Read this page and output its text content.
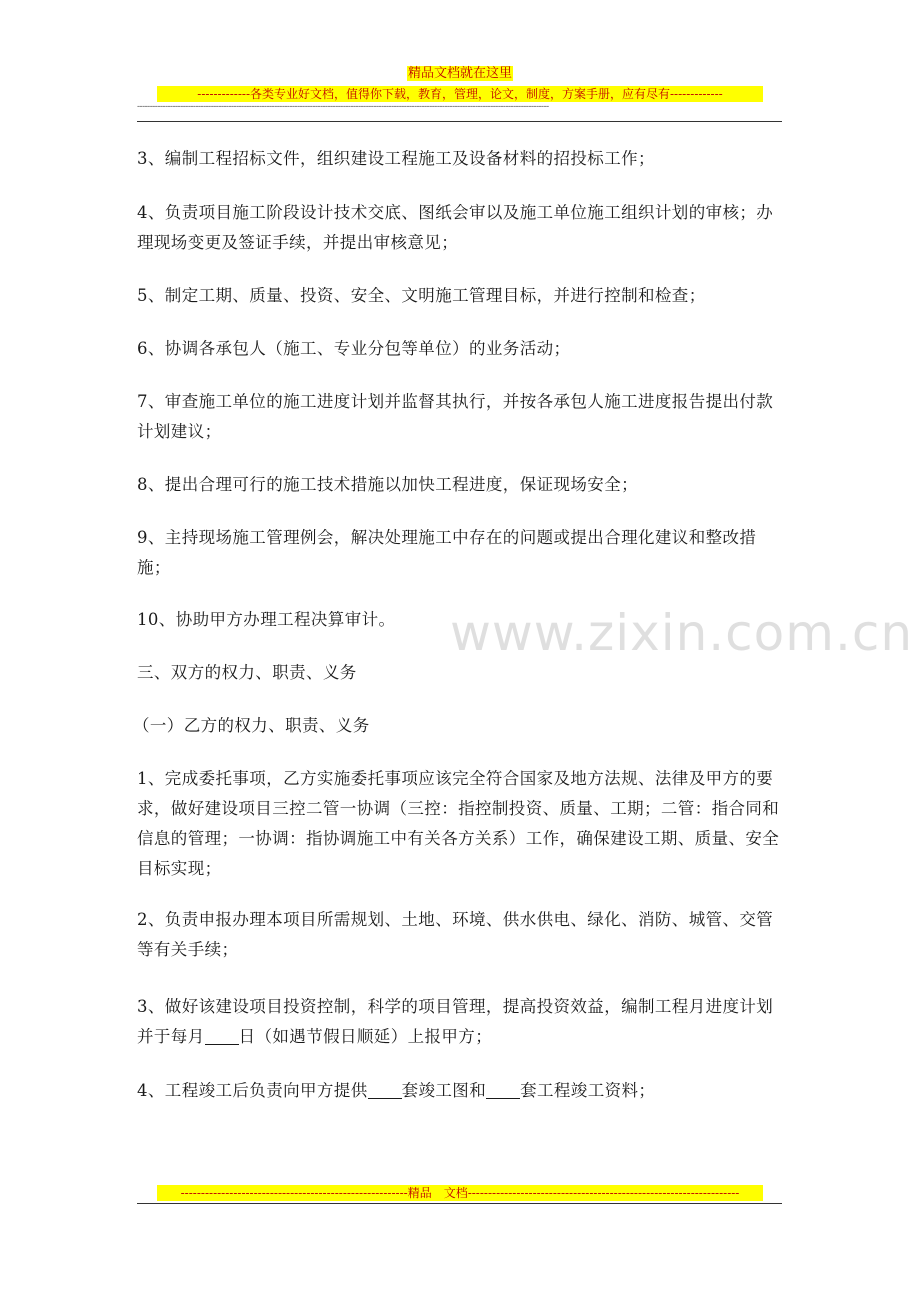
精品文档就在这里
-------------各类专业好文档，值得你下载，教育，管理，论文，制度，方案手册，应有尽有-------------
------------------------------------------------------------------------------------------------------------------------------------------------------------------
www.zixin.com.cn
3、编制工程招标文件，组织建设工程施工及设备材料的招投标工作；
4、负责项目施工阶段设计技术交底、图纸会审以及施工单位施工组织计划的审核；办理现场变更及签证手续，并提出审核意见；
5、制定工期、质量、投资、安全、文明施工管理目标，并进行控制和检查；
6、协调各承包人（施工、专业分包等单位）的业务活动；
7、审查施工单位的施工进度计划并监督其执行，并按各承包人施工进度报告提出付款计划建议；
8、提出合理可行的施工技术措施以加快工程进度，保证现场安全；
9、主持现场施工管理例会，解决处理施工中存在的问题或提出合理化建议和整改措施；
10、协助甲方办理工程决算审计。
三、双方的权力、职责、义务
（一）乙方的权力、职责、义务
1、完成委托事项，乙方实施委托事项应该完全符合国家及地方法规、法律及甲方的要求，做好建设项目三控二管一协调（三控：指控制投资、质量、工期；二管：指合同和信息的管理；一协调：指协调施工中有关各方关系）工作，确保建设工期、质量、安全目标实现；
2、负责申报办理本项目所需规划、土地、环境、供水供电、绿化、消防、城管、交管等有关手续；
3、做好该建设项目投资控制，科学的项目管理，提高投资效益，编制工程月进度计划并于每月 日（如遇节假日顺延）上报甲方；
4、工程竣工后负责向甲方提供 套竣工图和 套工程竣工资料；
--------------------------------------------------------精品　文档-------------------------------------------------------------------
